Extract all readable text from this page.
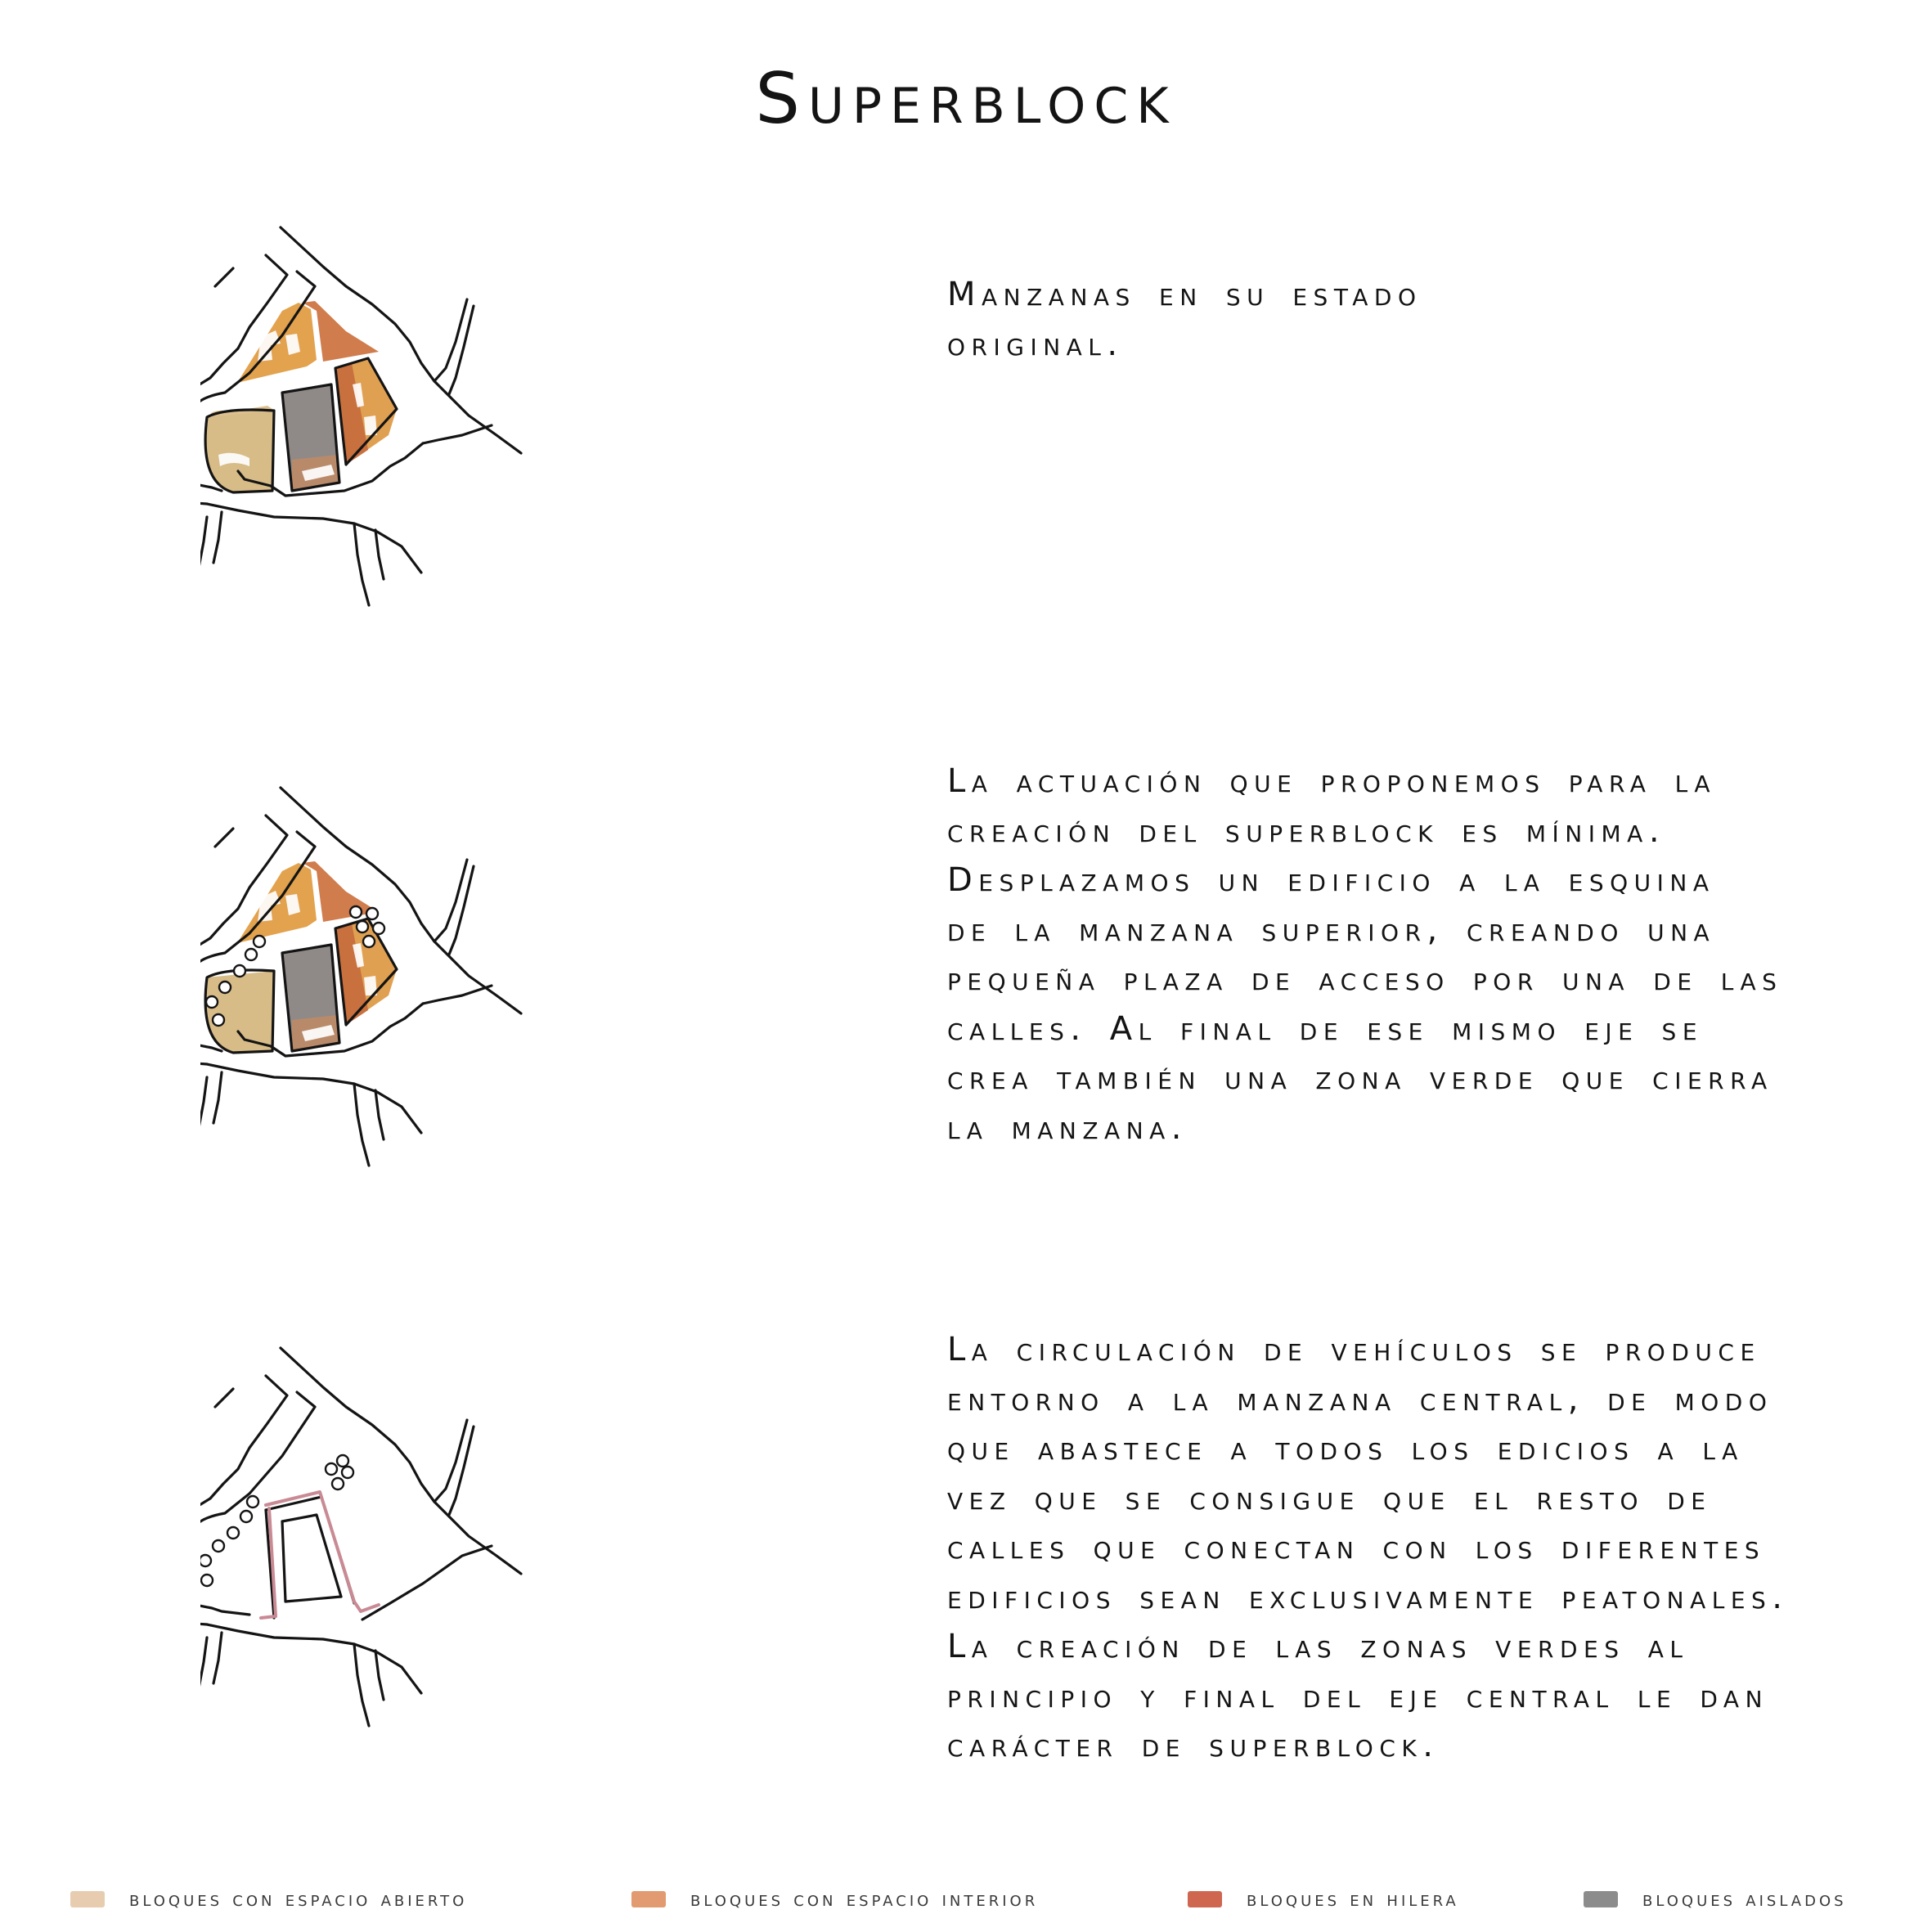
Superblock
Manzanas en su estado
original.
La actuación que proponemos para la
creación del superblock es mínima.
Desplazamos un edificio a la esquina
de la manzana superior, creando una
pequeña plaza de acceso por una de las
calles. Al final de ese mismo eje se
crea también una zona verde que cierra
la manzana.
La circulación de vehículos se produce
entorno a la manzana central, de modo
que abastece a todos los edicios a la
vez que se consigue que el resto de
calles que conectan con los diferentes
edificios sean exclusivamente peatonales.
La creación de las zonas verdes al
principio y final del eje central le dan
carácter de superblock.
bloques con espacio abierto	bloques con espacio interior	bloques en hilera	bloques aislados
